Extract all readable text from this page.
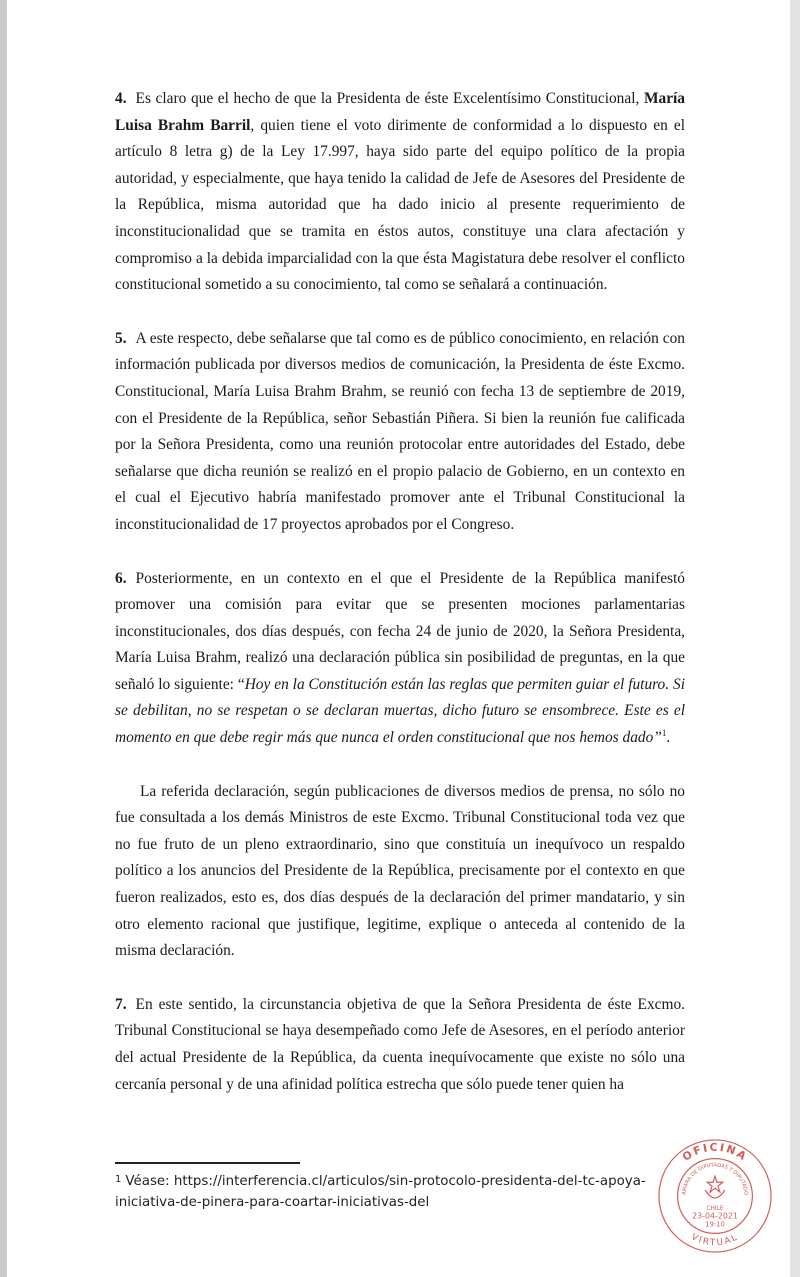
4. Es claro que el hecho de que la Presidenta de éste Excelentísimo Constitucional, María Luisa Brahm Barril, quien tiene el voto dirimente de conformidad a lo dispuesto en el artículo 8 letra g) de la Ley 17.997, haya sido parte del equipo político de la propia autoridad, y especialmente, que haya tenido la calidad de Jefe de Asesores del Presidente de la República, misma autoridad que ha dado inicio al presente requerimiento de inconstitucionalidad que se tramita en éstos autos, constituye una clara afectación y compromiso a la debida imparcialidad con la que ésta Magistatura debe resolver el conflicto constitucional sometido a su conocimiento, tal como se señalará a continuación.

5. A este respecto, debe señalarse que tal como es de público conocimiento, en relación con información publicada por diversos medios de comunicación, la Presidenta de éste Excmo. Constitucional, María Luisa Brahm Brahm, se reunió con fecha 13 de septiembre de 2019, con el Presidente de la República, señor Sebastián Piñera. Si bien la reunión fue calificada por la Señora Presidenta, como una reunión protocolar entre autoridades del Estado, debe señalarse que dicha reunión se realizó en el propio palacio de Gobierno, en un contexto en el cual el Ejecutivo habría manifestado promover ante el Tribunal Constitucional la inconstitucionalidad de 17 proyectos aprobados por el Congreso.

6. Posteriormente, en un contexto en el que el Presidente de la República manifestó promover una comisión para evitar que se presenten mociones parlamentarias inconstitucionales, dos días después, con fecha 24 de junio de 2020, la Señora Presidenta, María Luisa Brahm, realizó una declaración pública sin posibilidad de preguntas, en la que señaló lo siguiente: “Hoy en la Constitución están las reglas que permiten guiar el futuro. Si se debilitan, no se respetan o se declaran muertas, dicho futuro se ensombrece. Este es el momento en que debe regir más que nunca el orden constitucional que nos hemos dado”$^1$.

La referida declaración, según publicaciones de diversos medios de prensa, no sólo no fue consultada a los demás Ministros de este Excmo. Tribunal Constitucional toda vez que no fue fruto de un pleno extraordinario, sino que constituía un inequívoco un respaldo político a los anuncios del Presidente de la República, precisamente por el contexto en que fueron realizados, esto es, dos días después de la declaración del primer mandatario, y sin otro elemento racional que justifique, legitime, explique o anteceda al contenido de la misma declaración.

7. En este sentido, la circunstancia objetiva de que la Señora Presidenta de éste Excmo. Tribunal Constitucional se haya desempeñado como Jefe de Asesores, en el período anterior del actual Presidente de la República, da cuenta inequívocamente que existe no sólo una cercanía personal y de una afinidad política estrecha que sólo puede tener quien ha

$^1$ Véase: https://interferencia.cl/articulos/sin-protocolo-presidenta-del-tc-apoya-iniciativa-de-pinera-para-coartar-iniciativas-del
OFICINA
ÁMARA DE DIPUTADAS Y DIPUTADO
CHILE
23-04-2021
19:10
VIRTUAL
